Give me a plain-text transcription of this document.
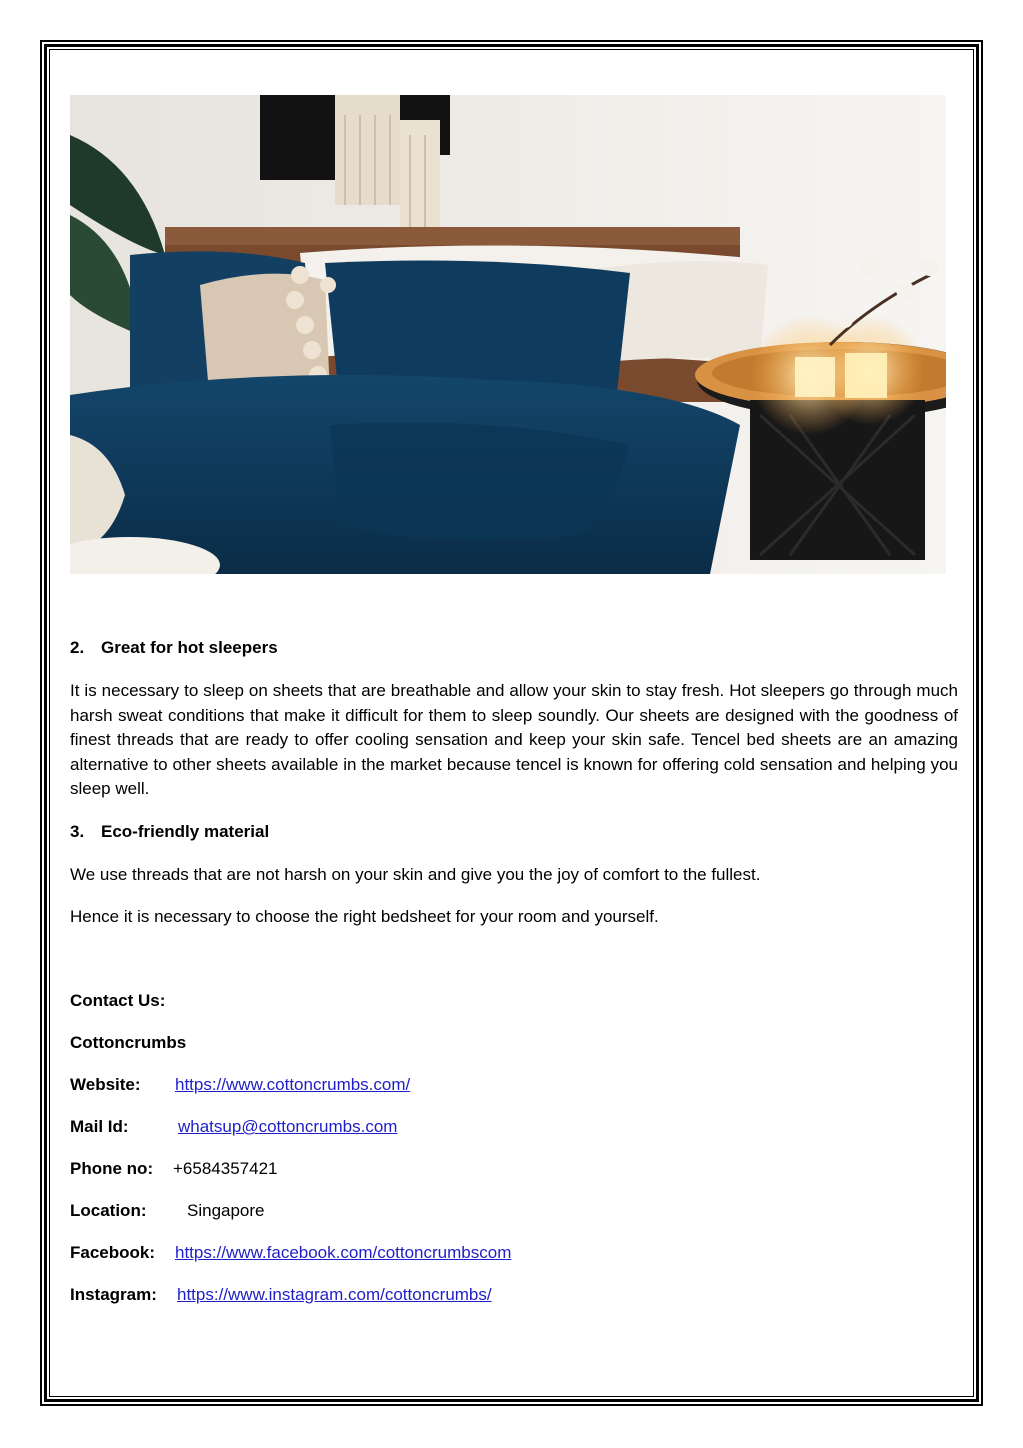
2. Great for hot sleepers

It is necessary to sleep on sheets that are breathable and allow your skin to stay fresh. Hot sleepers go through much harsh sweat conditions that make it difficult for them to sleep soundly. Our sheets are designed with the goodness of finest threads that are ready to offer cooling sensation and keep your skin safe. Tencel bed sheets are an amazing alternative to other sheets available in the market because tencel is known for offering cold sensation and helping you sleep well.

3. Eco-friendly material
We use threads that are not harsh on your skin and give you the joy of comfort to the fullest.
Hence it is necessary to choose the right bedsheet for your room and yourself.
Contact Us:
Cottoncrumbs
Website: https://www.cottoncrumbs.com/
Mail Id:	whatsup@cottoncrumbs.com
Phone no: +6584357421
Location: Singapore
Facebook: https://www.facebook.com/cottoncrumbscom
Instagram: https://www.instagram.com/cottoncrumbs/
